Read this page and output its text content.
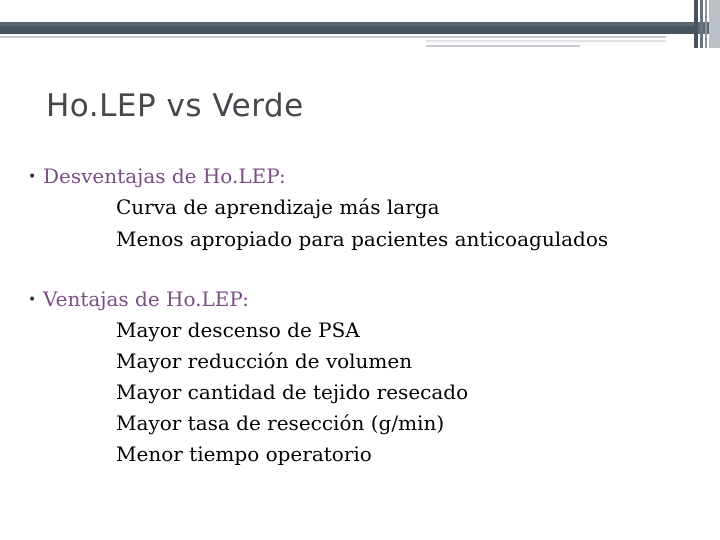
Ho.LEP vs Verde
• Desventajas de Ho.LEP:
Curva de aprendizaje más larga
Menos apropiado para pacientes anticoagulados
• Ventajas de Ho.LEP:
Mayor descenso de PSA
Mayor reducción de volumen
Mayor cantidad de tejido resecado
Mayor tasa de resección (g/min)
Menor tiempo operatorio
